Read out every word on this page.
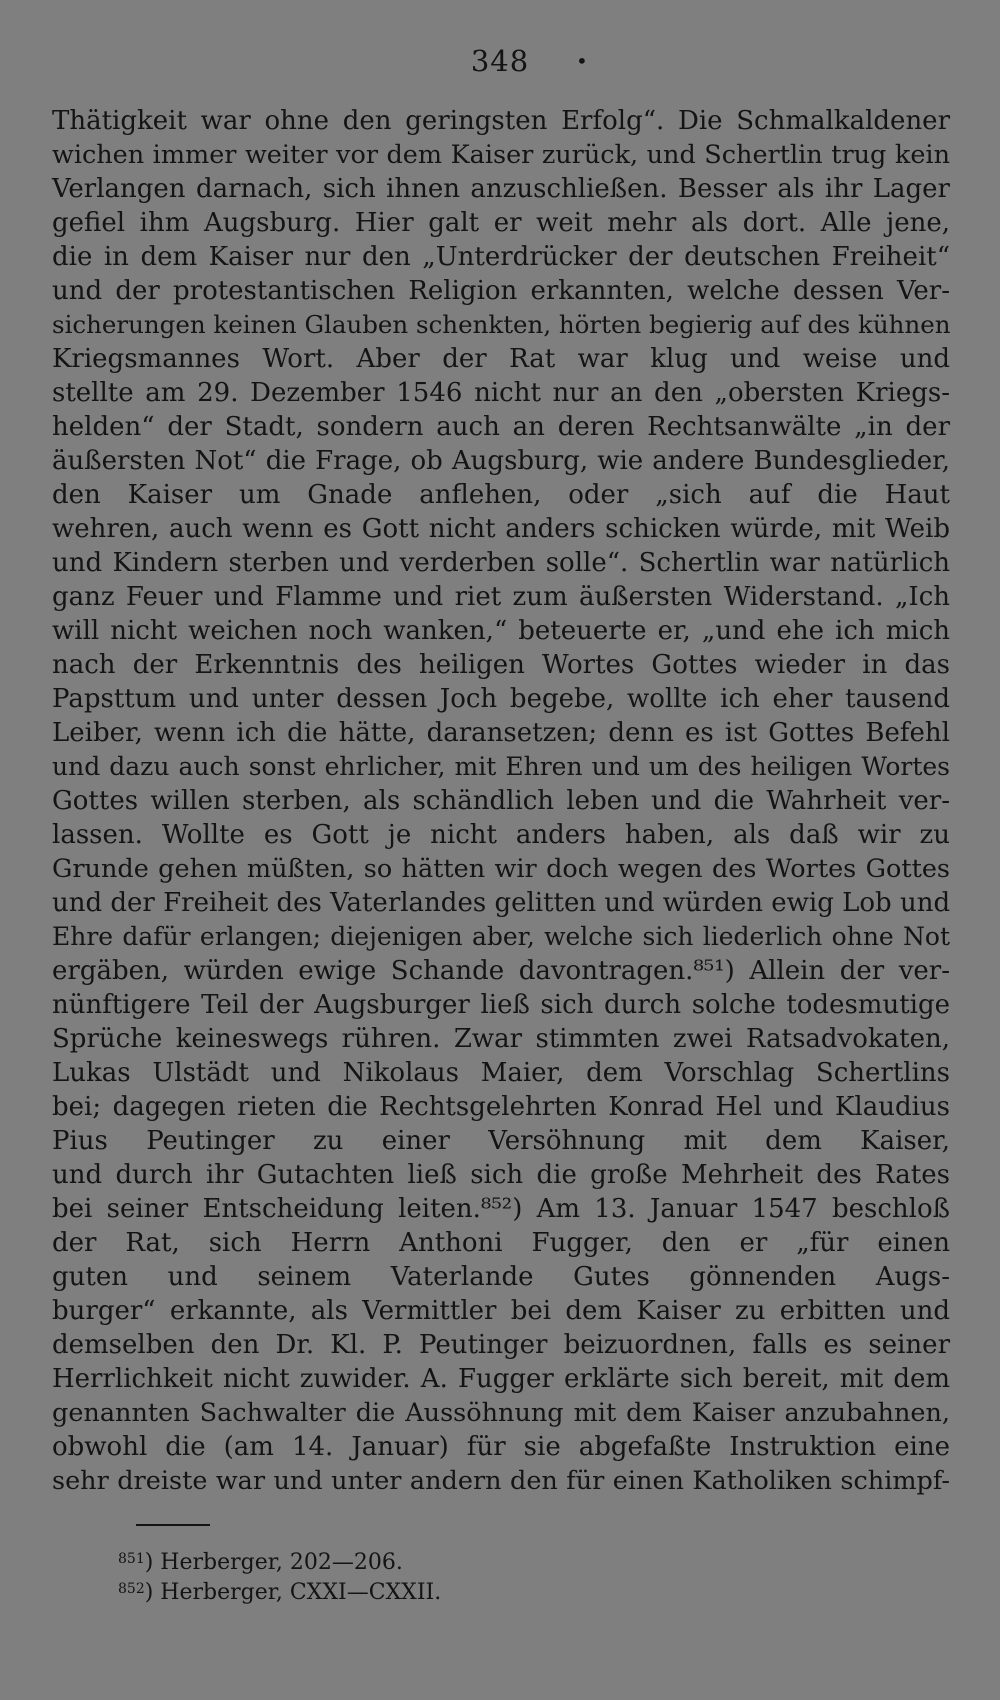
348	•
Thätigkeit war ohne den geringsten Erfolg“. Die Schmalkaldener
wichen immer weiter vor dem Kaiser zurück, und Schertlin trug kein
Verlangen darnach, sich ihnen anzuschließen. Besser als ihr Lager
gefiel ihm Augsburg. Hier galt er weit mehr als dort. Alle jene,
die in dem Kaiser nur den „Unterdrücker der deutschen Freiheit“
und der protestantischen Religion erkannten, welche dessen Ver-
sicherungen keinen Glauben schenkten, hörten begierig auf des kühnen
Kriegsmannes Wort. Aber der Rat war klug und weise und
stellte am 29. Dezember 1546 nicht nur an den „obersten Kriegs-
helden“ der Stadt, sondern auch an deren Rechtsanwälte „in der
äußersten Not“ die Frage, ob Augsburg, wie andere Bundesglieder,
den Kaiser um Gnade anflehen, oder „sich auf die Haut
wehren, auch wenn es Gott nicht anders schicken würde, mit Weib
und Kindern sterben und verderben solle“. Schertlin war natürlich
ganz Feuer und Flamme und riet zum äußersten Widerstand. „Ich
will nicht weichen noch wanken,“ beteuerte er, „und ehe ich mich
nach der Erkenntnis des heiligen Wortes Gottes wieder in das
Papsttum und unter dessen Joch begebe, wollte ich eher tausend
Leiber, wenn ich die hätte, daransetzen; denn es ist Gottes Befehl
und dazu auch sonst ehrlicher, mit Ehren und um des heiligen Wortes
Gottes willen sterben, als schändlich leben und die Wahrheit ver-
lassen. Wollte es Gott je nicht anders haben, als daß wir zu
Grunde gehen müßten, so hätten wir doch wegen des Wortes Gottes
und der Freiheit des Vaterlandes gelitten und würden ewig Lob und
Ehre dafür erlangen; diejenigen aber, welche sich liederlich ohne Not
ergäben, würden ewige Schande davontragen.⁸⁵¹) Allein der ver-
nünftigere Teil der Augsburger ließ sich durch solche todesmutige
Sprüche keineswegs rühren. Zwar stimmten zwei Ratsadvokaten,
Lukas Ulstädt und Nikolaus Maier, dem Vorschlag Schertlins
bei; dagegen rieten die Rechtsgelehrten Konrad Hel und Klaudius
Pius Peutinger zu einer Versöhnung mit dem Kaiser,
und durch ihr Gutachten ließ sich die große Mehrheit des Rates
bei seiner Entscheidung leiten.⁸⁵²) Am 13. Januar 1547 beschloß
der Rat, sich Herrn Anthoni Fugger, den er „für einen
guten und seinem Vaterlande Gutes gönnenden Augs-
burger“ erkannte, als Vermittler bei dem Kaiser zu erbitten und
demselben den Dr. Kl. P. Peutinger beizuordnen, falls es seiner
Herrlichkeit nicht zuwider. A. Fugger erklärte sich bereit, mit dem
genannten Sachwalter die Aussöhnung mit dem Kaiser anzubahnen,
obwohl die (am 14. Januar) für sie abgefaßte Instruktion eine
sehr dreiste war und unter andern den für einen Katholiken schimpf-
$^{851}$) Herberger, 202—206.
$^{852}$) Herberger, CXXI—CXXII.
